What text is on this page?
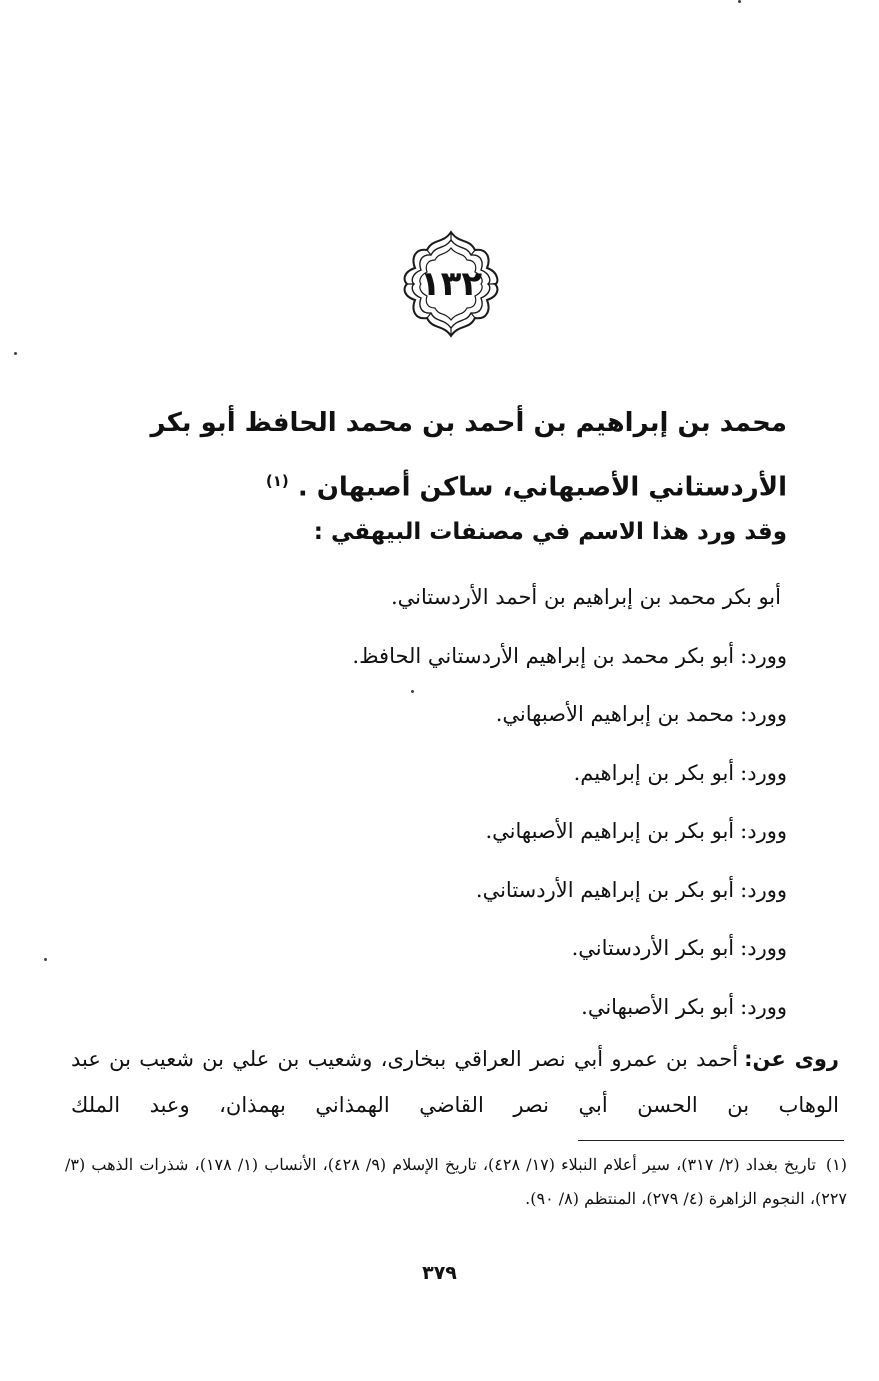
١٣٢
محمد بن إبراهيم بن أحمد بن محمد الحافظ أبو بكر الأردستاني الأصبهاني، ساكن أصبهان . $^{(١)}$
وقد ورد هذا الاسم في مصنفات البيهقي :
أبو بكر محمد بن إبراهيم بن أحمد الأردستاني.
وورد:أبو بكر محمد بن إبراهيم الأردستاني الحافظ.
وورد:محمد بن إبراهيم الأصبهاني.
وورد:أبو بكر بن إبراهيم.
وورد:أبو بكر بن إبراهيم الأصبهاني.
وورد:أبو بكر بن إبراهيم الأردستاني.
وورد:أبو بكر الأردستاني.
وورد:أبو بكر الأصبهاني.
روى عن:أحمد بن عمرو أبي نصر العراقي ببخارى، وشعيب بن علي بن شعيب بن عبد الوهاب بن الحسن أبي نصر القاضي الهمذاني بهمذان، وعبد الملك
(١)تاريخ بغداد (٢/ ٣١٧)، سير أعلام النبلاء (١٧/ ٤٢٨)، تاريخ الإسلام (٩/ ٤٢٨)، الأنساب (١/ ١٧٨)، شذرات الذهب (٣/ ٢٢٧)، النجوم الزاهرة (٤/ ٢٧٩)، المنتظم (٨/ ٩٠).
٣٧٩
